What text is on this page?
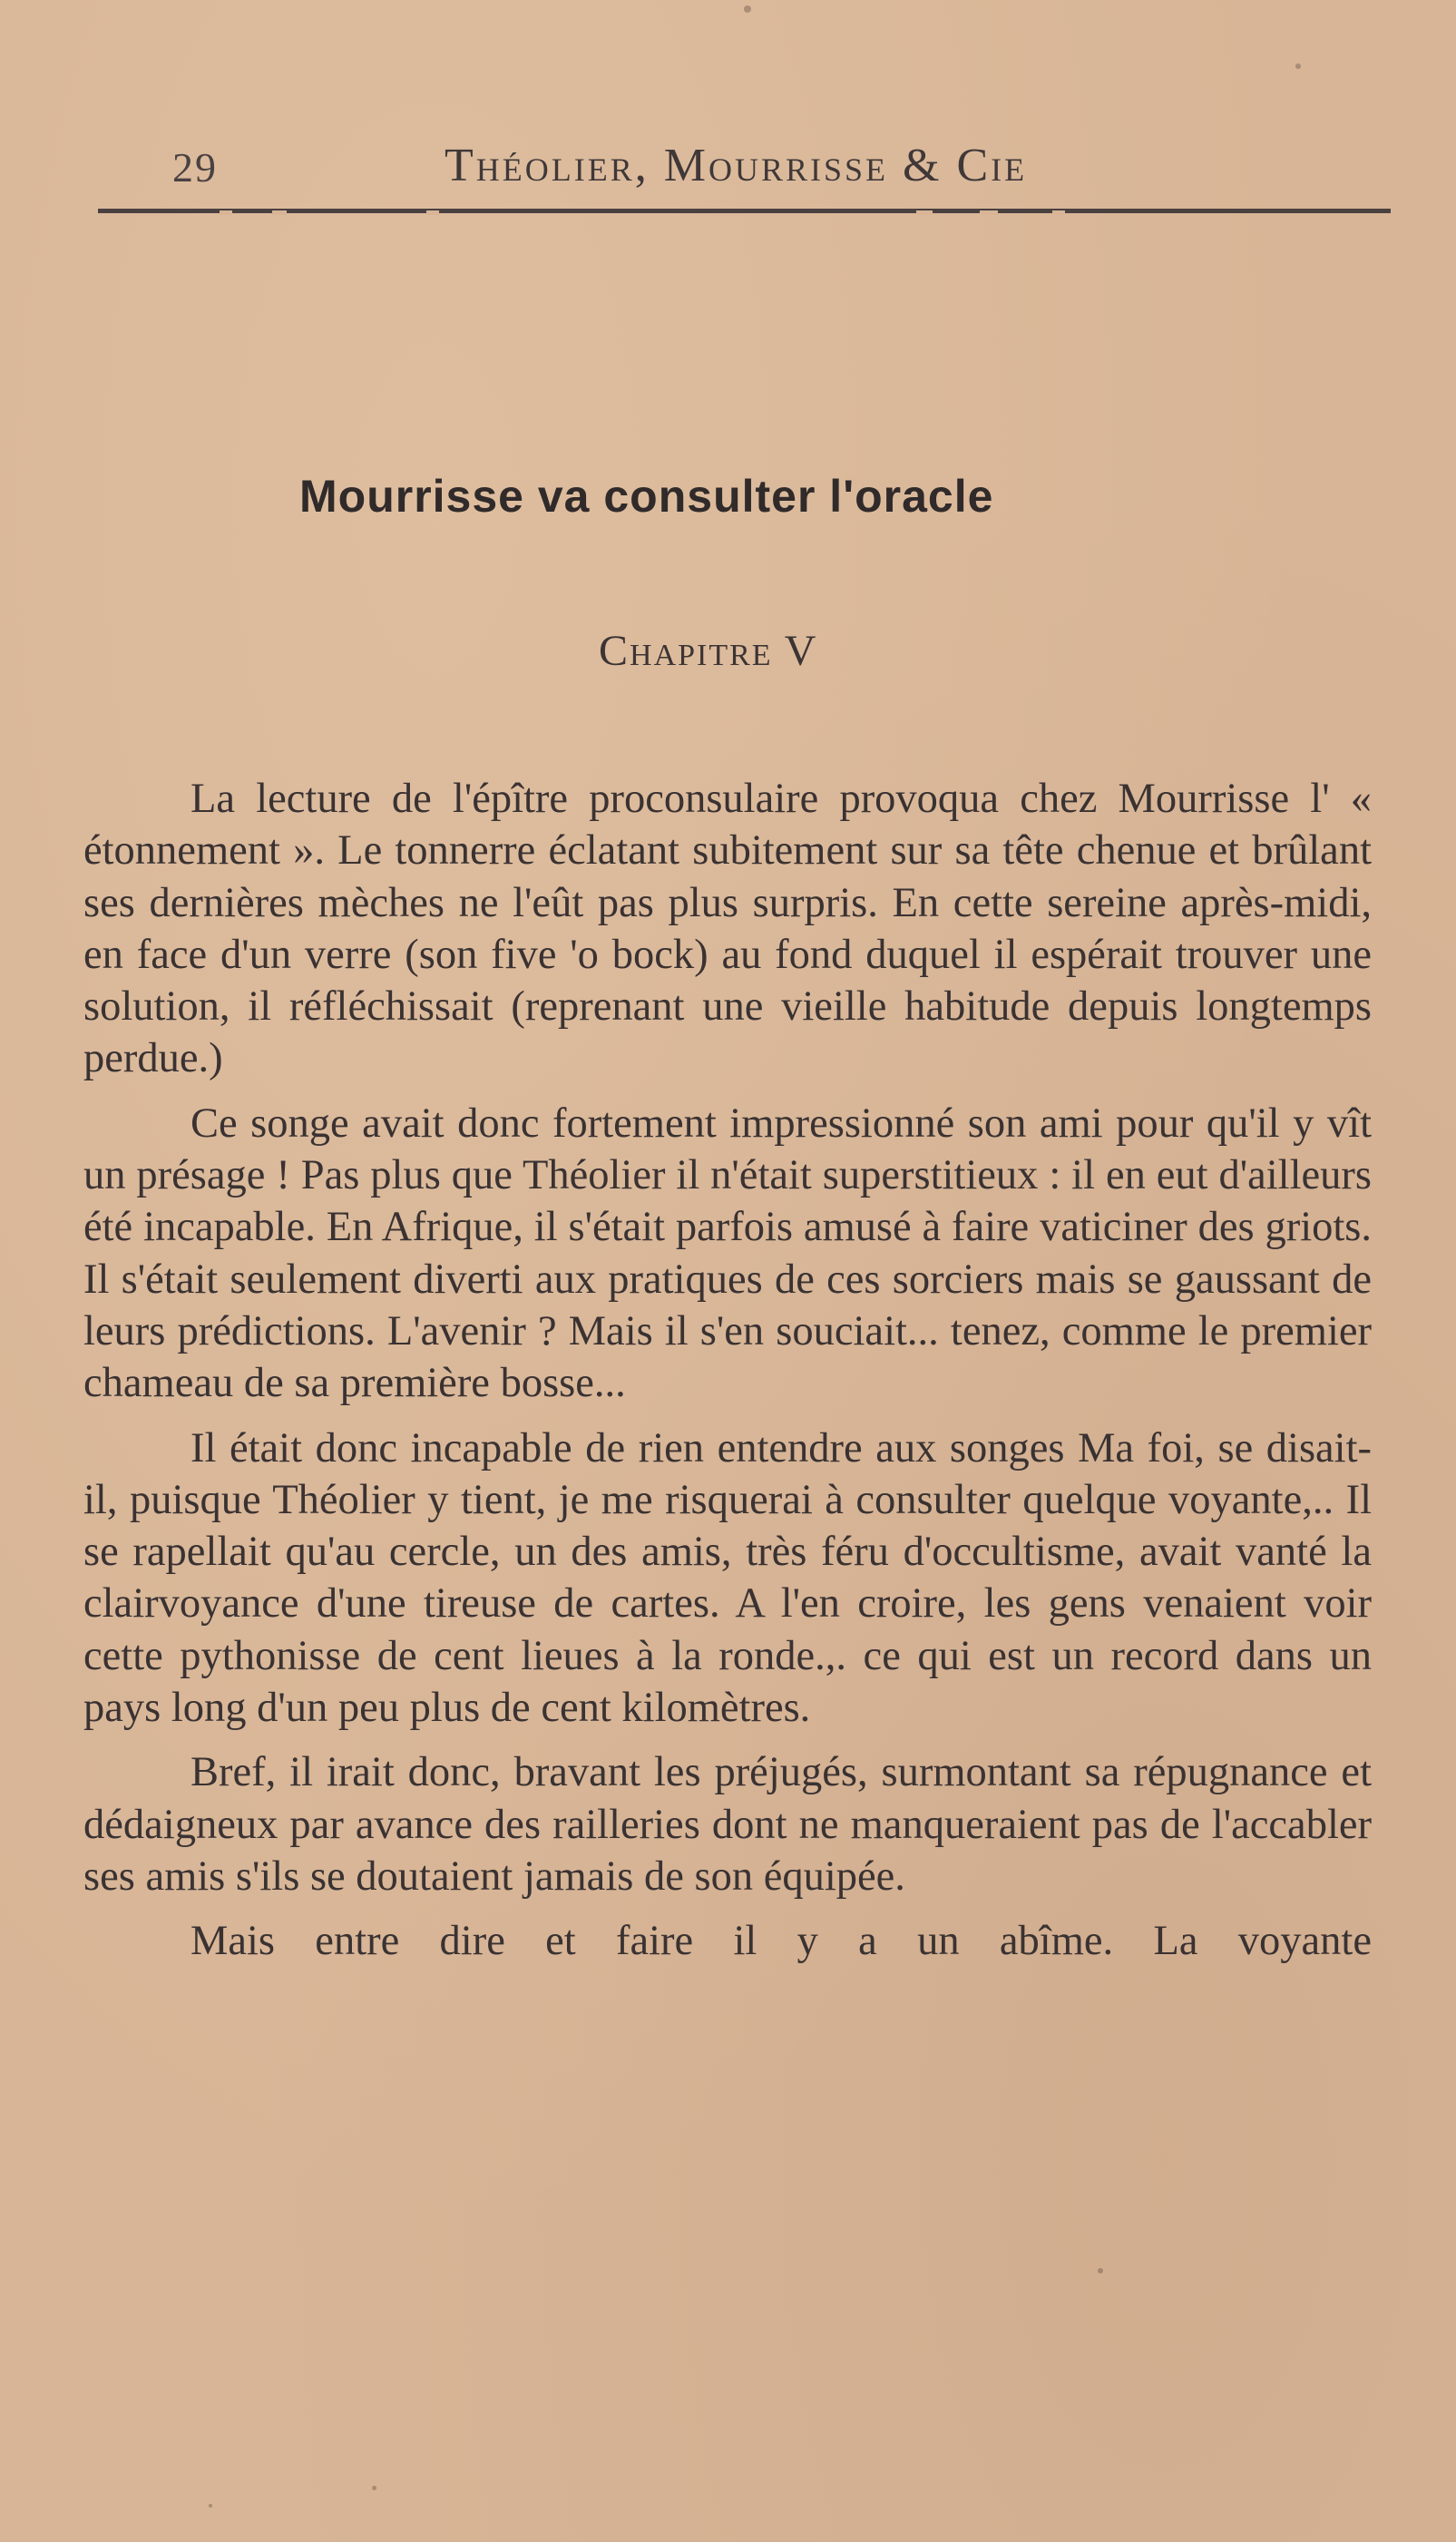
29	Théolier, Mourrisse & Cie
Mourrisse va consulter l'oracle
Chapitre V

La lecture de l'épître proconsulaire provoqua chez Mourrisse l' « étonnement ». Le tonnerre éclatant subitement sur sa tête chenue et brûlant ses dernières mèches ne l'eût pas plus surpris. En cette sereine après-midi, en face d'un verre (son five 'o bock) au fond duquel il espérait trouver une solution, il réfléchissait (reprenant une vieille habitude depuis longtemps perdue.)

Ce songe avait donc fortement impressionné son ami pour qu'il y vît un présage ! Pas plus que Théolier il n'était superstitieux : il en eut d'ailleurs été incapable. En Afrique, il s'était parfois amusé à faire vaticiner des griots. Il s'était seulement diverti aux pratiques de ces sorciers mais se gaussant de leurs prédictions. L'avenir ? Mais il s'en souciait... tenez, comme le premier chameau de sa première bosse...

Il était donc incapable de rien entendre aux songes Ma foi, se disait-il, puisque Théolier y tient, je me risquerai à consulter quelque voyante,.. Il se rapellait qu'au cercle, un des amis, très féru d'occultisme, avait vanté la clairvoyance d'une tireuse de cartes. A l'en croire, les gens venaient voir cette pythonisse de cent lieues à la ronde.,. ce qui est un record dans un pays long d'un peu plus de cent kilomètres.

Bref, il irait donc, bravant les préjugés, surmontant sa répugnance et dédaigneux par avance des railleries dont ne manqueraient pas de l'accabler ses amis s'ils se doutaient jamais de son équipée.

Mais entre dire et faire il y a un abîme. La voyante
